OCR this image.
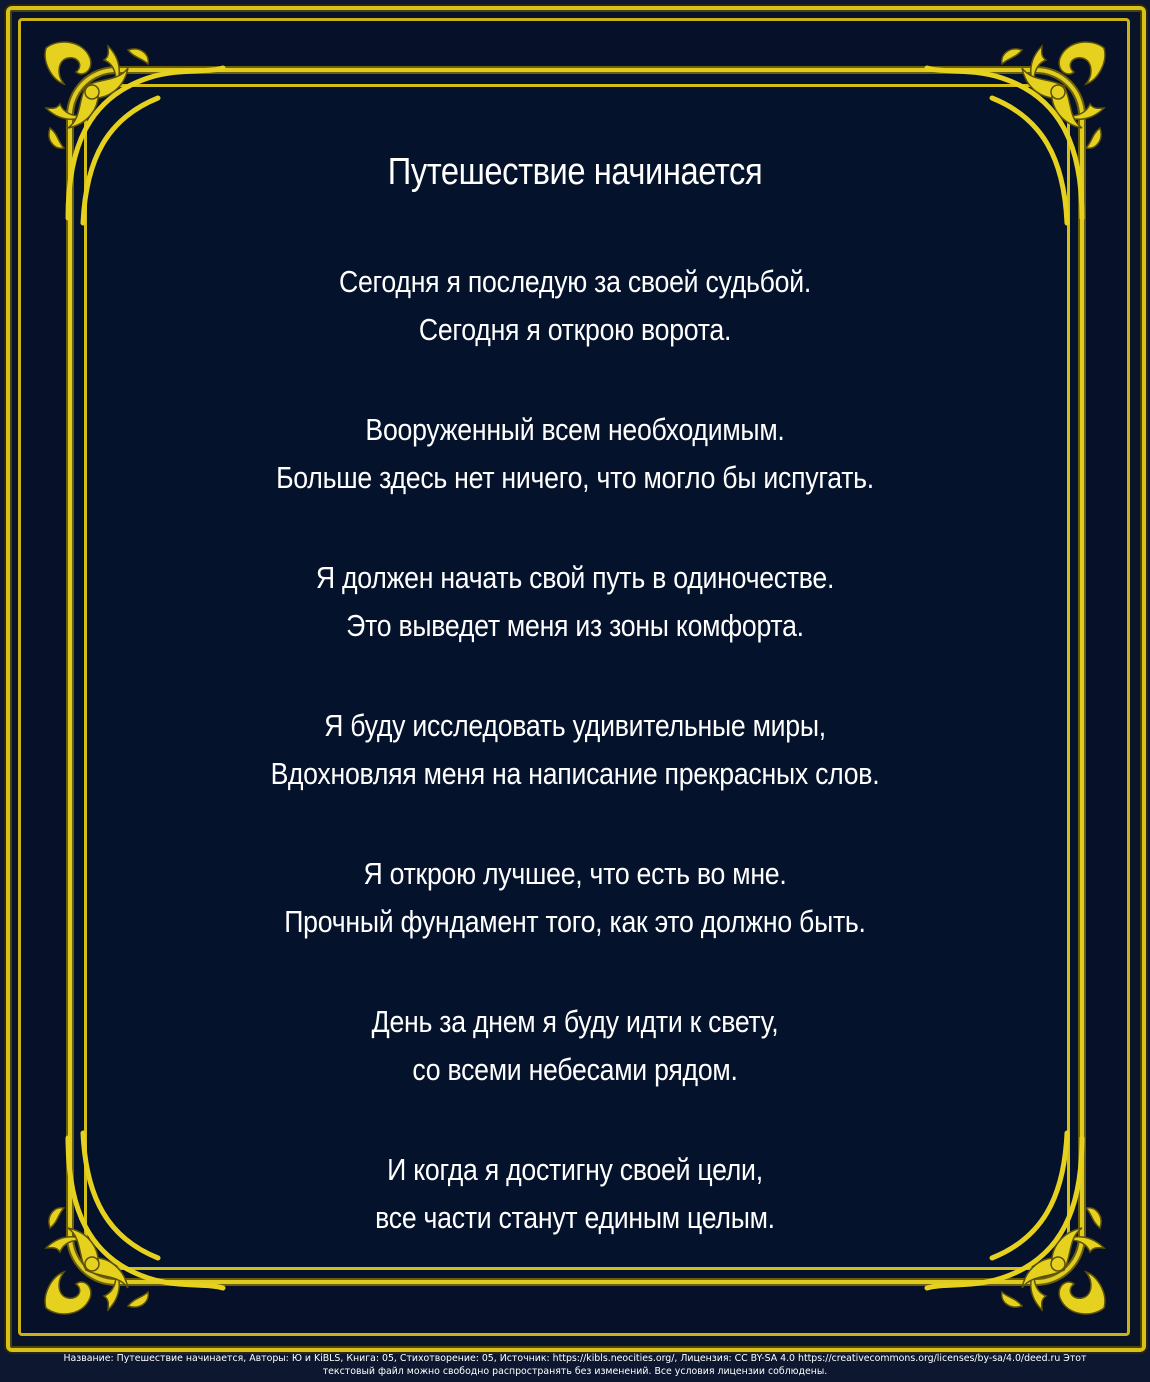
Путешествие начинается
Сегодня я последую за своей судьбой.
Сегодня я открою ворота.
Вооруженный всем необходимым.
Больше здесь нет ничего, что могло бы испугать.
Я должен начать свой путь в одиночестве.
Это выведет меня из зоны комфорта.
Я буду исследовать удивительные миры,
Вдохновляя меня на написание прекрасных слов.
Я открою лучшее, что есть во мне.
Прочный фундамент того, как это должно быть.
День за днем я буду идти к свету,
со всеми небесами рядом.
И когда я достигну своей цели,
все части станут единым целым.
Название: Путешествие начинается, Авторы: Ю и KiBLS, Книга: 05, Стихотворение: 05, Источник: https://kibls.neocities.org/, Лицензия: CC BY-SA 4.0 https://creativecommons.org/licenses/by-sa/4.0/deed.ru Этот
текстовый файл можно свободно распространять без изменений. Все условия лицензии соблюдены.
